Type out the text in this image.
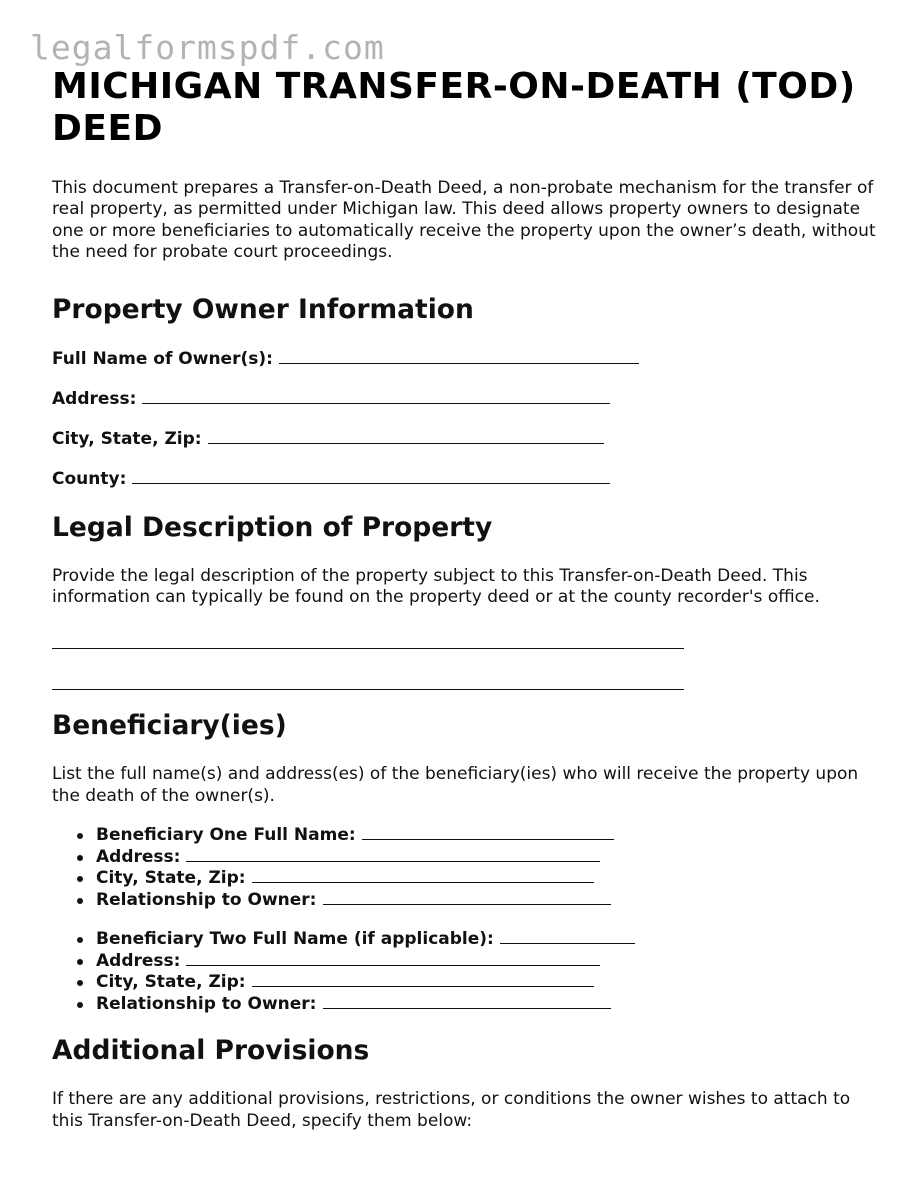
legalformspdf.com
MICHIGAN TRANSFER-ON-DEATH (TOD) DEED

This document prepares a Transfer-on-Death Deed, a non-probate mechanism for the transfer of real property, as permitted under Michigan law. This deed allows property owners to designate one or more beneficiaries to automatically receive the property upon the owner’s death, without the need for probate court proceedings.

Property Owner Information
Full Name of Owner(s):
Address:
City, State, Zip:
County:
Legal Description of Property

Provide the legal description of the property subject to this Transfer-on-Death Deed. This information can typically be found on the property deed or at the county recorder's office.

Beneficiary(ies)

List the full name(s) and address(es) of the beneficiary(ies) who will receive the property upon the death of the owner(s).

Beneficiary One Full Name:
Address:
City, State, Zip:
Relationship to Owner:
Beneficiary Two Full Name (if applicable):
Address:
City, State, Zip:
Relationship to Owner:
Additional Provisions

If there are any additional provisions, restrictions, or conditions the owner wishes to attach to this Transfer-on-Death Deed, specify them below:
